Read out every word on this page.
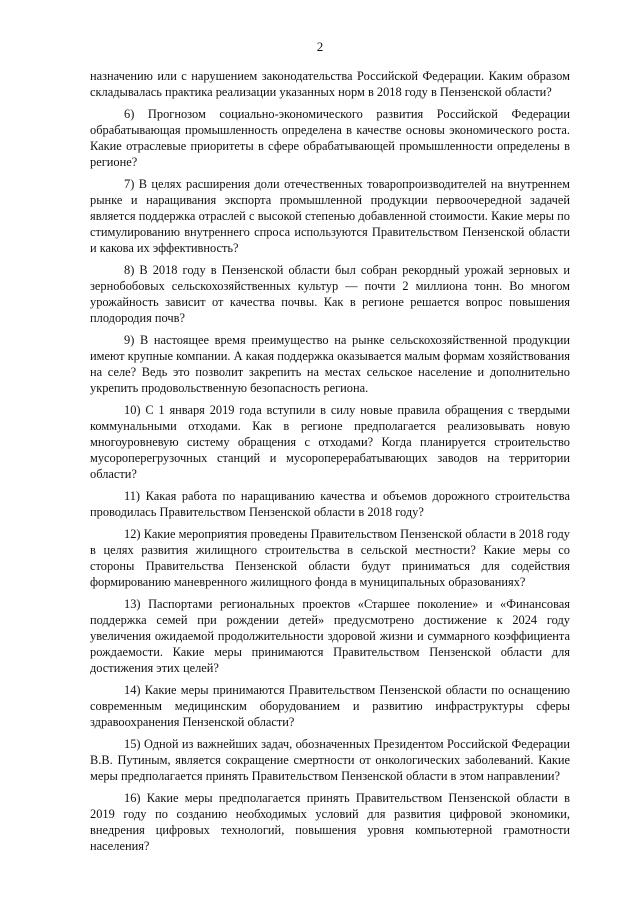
2

назначению или с нарушением законодательства Российской Федерации. Каким образом складывалась практика реализации указанных норм в 2018 году в Пензенской области?

6) Прогнозом социально-экономического развития Российской Федерации обрабатывающая промышленность определена в качестве основы экономического роста. Какие отраслевые приоритеты в сфере обрабатывающей промышленности определены в регионе?

7) В целях расширения доли отечественных товаропроизводителей на внутреннем рынке и наращивания экспорта промышленной продукции первоочередной задачей является поддержка отраслей с высокой степенью добавленной стоимости. Какие меры по стимулированию внутреннего спроса используются Правительством Пензенской области и какова их эффективность?

8) В 2018 году в Пензенской области был собран рекордный урожай зерновых и зернобобовых сельскохозяйственных культур — почти 2 миллиона тонн. Во многом урожайность зависит от качества почвы. Как в регионе решается вопрос повышения плодородия почв?

9) В настоящее время преимущество на рынке сельскохозяйственной продукции имеют крупные компании. А какая поддержка оказывается малым формам хозяйствования на селе? Ведь это позволит закрепить на местах сельское население и дополнительно укрепить продовольственную безопасность региона.

10) С 1 января 2019 года вступили в силу новые правила обращения с твердыми коммунальными отходами. Как в регионе предполагается реализовывать новую многоуровневую систему обращения с отходами? Когда планируется строительство мусороперегрузочных станций и мусороперерабатывающих заводов на территории области?

11) Какая работа по наращиванию качества и объемов дорожного строительства проводилась Правительством Пензенской области в 2018 году?

12) Какие мероприятия проведены Правительством Пензенской области в 2018 году в целях развития жилищного строительства в сельской местности? Какие меры со стороны Правительства Пензенской области будут приниматься для содействия формированию маневренного жилищного фонда в муниципальных образованиях?

13) Паспортами региональных проектов «Старшее поколение» и «Финансовая поддержка семей при рождении детей» предусмотрено достижение к 2024 году увеличения ожидаемой продолжительности здоровой жизни и суммарного коэффициента рождаемости. Какие меры принимаются Правительством Пензенской области для достижения этих целей?

14) Какие меры принимаются Правительством Пензенской области по оснащению современным медицинским оборудованием и развитию инфраструктуры сферы здравоохранения Пензенской области?

15) Одной из важнейших задач, обозначенных Президентом Российской Федерации В.В. Путиным, является сокращение смертности от онкологических заболеваний. Какие меры предполагается принять Правительством Пензенской области в этом направлении?

16) Какие меры предполагается принять Правительством Пензенской области в 2019 году по созданию необходимых условий для развития цифровой экономики, внедрения цифровых технологий, повышения уровня компьютерной грамотности населения?
